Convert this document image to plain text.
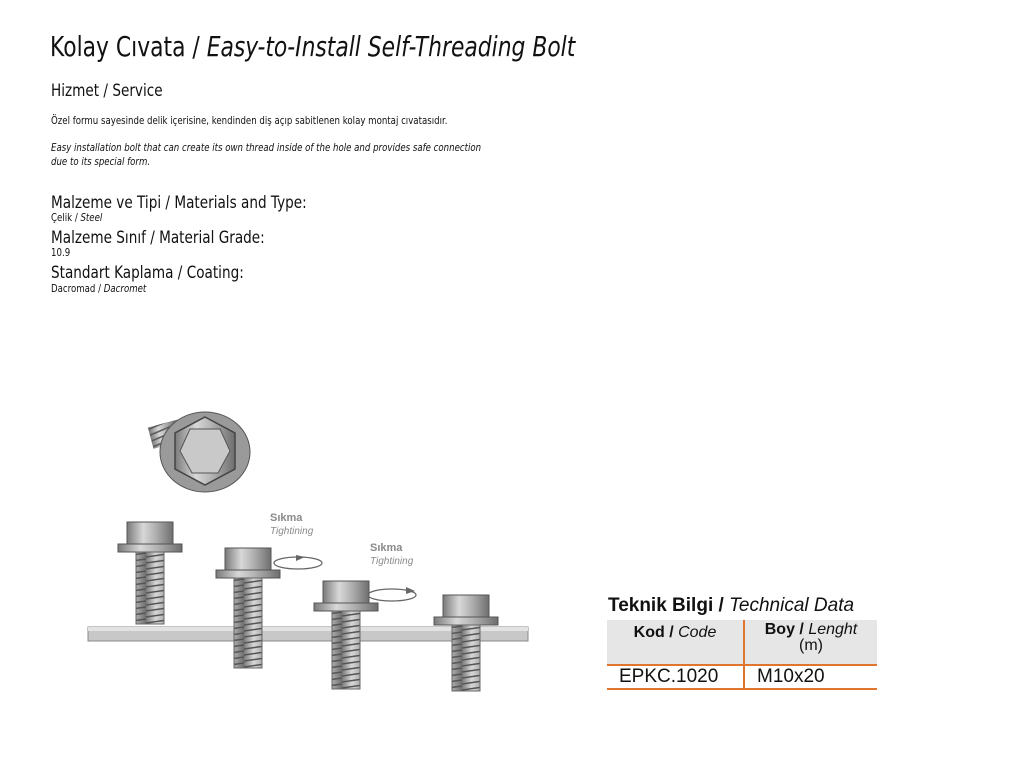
Kolay Cıvata / Easy-to-Install Self-Threading Bolt
Hizmet / Service
Özel formu sayesinde delik içerisine, kendinden diş açıp sabitlenen kolay montaj cıvatasıdır.
Easy installation bolt that can create its own thread inside of the hole and provides safe connection
due to its special form.
Malzeme ve Tipi / Materials and Type:
Çelik / Steel
Malzeme Sınıf / Material Grade:
10.9
Standart Kaplama / Coating:
Dacromad / Dacromet
Sıkma
Tightining
Sıkma
Tightining
Teknik Bilgi / Technical Data
Kod / Code	Boy / Lenght
(m)
EPKC.1020	M10x20
